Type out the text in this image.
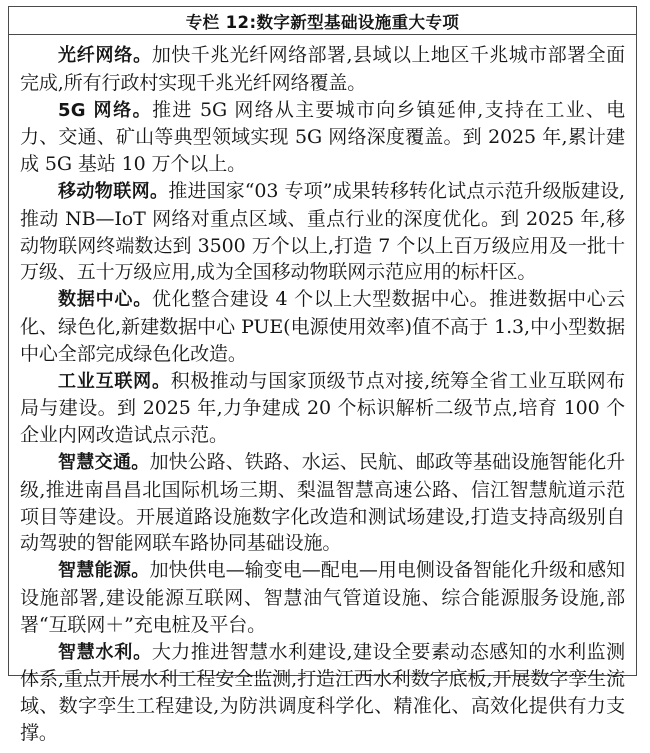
专栏 12:数字新型基础设施重大专项

光纤网络。加快千兆光纤网络部署,县域以上地区千兆城市部署全面完成,所有行政村实现千兆光纤网络覆盖。

5G 网络。推进 5G 网络从主要城市向乡镇延伸,支持在工业、电力、交通、矿山等典型领域实现 5G 网络深度覆盖。到 2025 年,累计建成 5G 基站 10 万个以上。

移动物联网。推进国家“03 专项”成果转移转化试点示范升级版建设,推动 NB—IoT 网络对重点区域、重点行业的深度优化。到 2025 年,移动物联网终端数达到 3500 万个以上,打造 7 个以上百万级应用及一批十万级、五十万级应用,成为全国移动物联网示范应用的标杆区。

数据中心。优化整合建设 4 个以上大型数据中心。推进数据中心云化、绿色化,新建数据中心 PUE(电源使用效率)值不高于 1.3,中小型数据中心全部完成绿色化改造。

工业互联网。积极推动与国家顶级节点对接,统筹全省工业互联网布局与建设。到 2025 年,力争建成 20 个标识解析二级节点,培育 100 个企业内网改造试点示范。

智慧交通。加快公路、铁路、水运、民航、邮政等基础设施智能化升级,推进南昌昌北国际机场三期、梨温智慧高速公路、信江智慧航道示范项目等建设。开展道路设施数字化改造和测试场建设,打造支持高级别自动驾驶的智能网联车路协同基础设施。

智慧能源。加快供电—输变电—配电—用电侧设备智能化升级和感知设施部署,建设能源互联网、智慧油气管道设施、综合能源服务设施,部署“互联网＋”充电桩及平台。

智慧水利。大力推进智慧水利建设,建设全要素动态感知的水利监测体系,重点开展水利工程安全监测,打造江西水利数字底板,开展数字孪生流域、数字孪生工程建设,为防洪调度科学化、精准化、高效化提供有力支撑。
